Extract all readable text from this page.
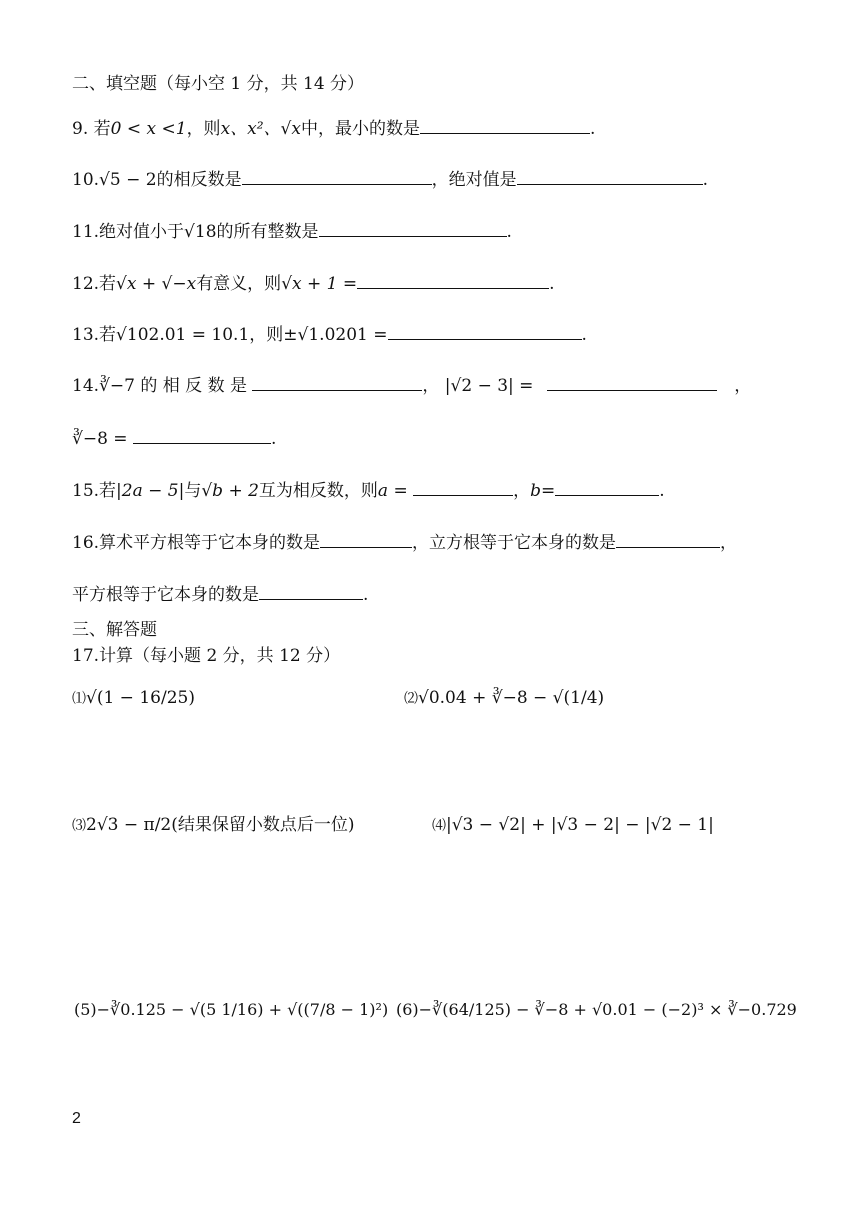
二、填空题（每小空 1 分，共 14 分）
9. 若0 < x <1，则x、x²、√x中，最小的数是	.
10.√5 − 2的相反数是	，绝对值是	.
11.绝对值小于√18的所有整数是	.
12.若√x + √−x有意义，则√x + 1 =	.
13.若√102.01 = 10.1，则±√1.0201 =	.
14.∛−7 的 相 反 数 是	， |√2 − 3| =	，
∛−8 =	.
15.若|2a − 5|与√b + 2互为相反数，则a =	，b=	.
16.算术平方根等于它本身的数是	，立方根等于它本身的数是	，
平方根等于它本身的数是	.
三、解答题
17.计算（每小题 2 分，共 12 分）
⑴√(1 − 16/25)	⑵√0.04 + ∛−8 − √(1/4)
⑶2√3 − π/2(结果保留小数点后一位)	⑷|√3 − √2| + |√3 − 2| − |√2 − 1|
(5)−∛0.125 − √(5 1/16) + √((7/8 − 1)²) (6)−∛(64/125) − ∛−8 + √0.01 − (−2)³ × ∛−0.729
2
